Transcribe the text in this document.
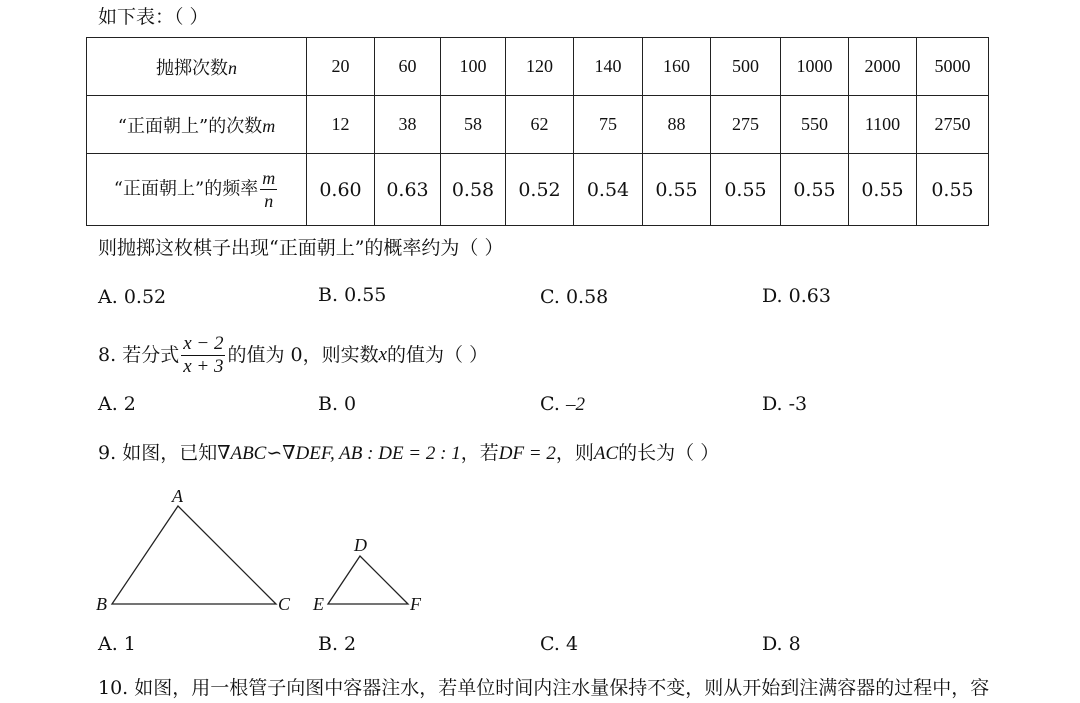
如下表：（ ）
抛掷次数n	20	60	100	120	140	160	500	1000	2000	5000
“正面朝上”的次数m	12	38	58	62	75	88	275	550	1100	2750
“正面朝上”的频率 $\frac{m}{n}$	0.60	0.63	0.58	0.52	0.54	0.55	0.55	0.55	0.55	0.55
则抛掷这枚棋子出现“正面朝上”的概率约为（ ）
A. 0.52	B. 0.55	C. 0.58	D. 0.63
8.
若分式 $\frac{x - 2}{x + 3}$ 的值为 0，则实数 x 的值为（ ）
A. 2	B. 0	C. –2	D. -3
9. 如图，已知∇ABC∽∇DEF, AB : DE = 2 : 1，若DF = 2，则AC的长为（ ）
A
B	C
D
E	F
A. 1	B. 2	C. 4	D. 8
10. 如图，用一根管子向图中容器注水，若单位时间内注水量保持不变，则从开始到注满容器的过程中，容
